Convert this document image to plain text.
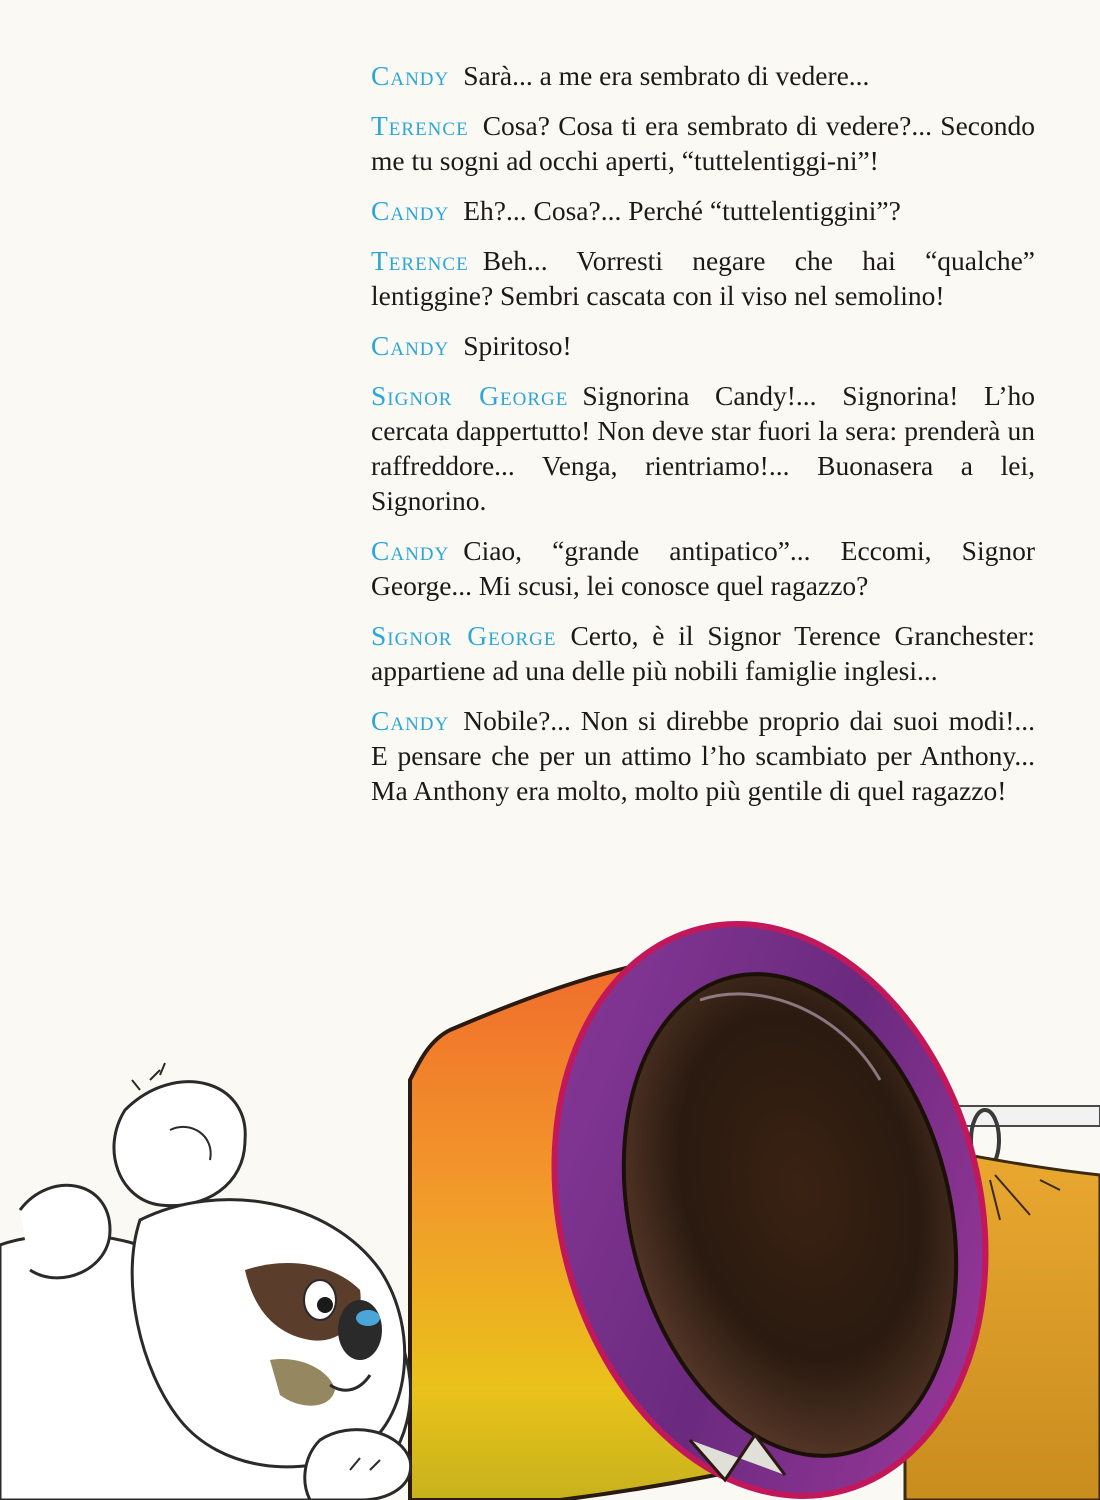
Candy Sarà... a me era sembrato di vedere...

Terence Cosa? Cosa ti era sembrato di vedere?... Secondo me tu sogni ad occhi aperti, “tuttelentiggi-ni”!

Candy Eh?... Cosa?... Perché “tuttelentiggini”?

Terence Beh... Vorresti negare che hai “qualche” lentiggine? Sembri cascata con il viso nel semolino!

Candy Spiritoso!

Signor George Signorina Candy!... Signorina! L’ho cercata dappertutto! Non deve star fuori la sera: prenderà un raffreddore... Venga, rientriamo!... Buonasera a lei, Signorino.

Candy Ciao, “grande antipatico”... Eccomi, Signor George... Mi scusi, lei conosce quel ragazzo?

Signor George Certo, è il Signor Terence Granchester: appartiene ad una delle più nobili famiglie inglesi...

Candy Nobile?... Non si direbbe proprio dai suoi modi!... E pensare che per un attimo l’ho scambiato per Anthony... Ma Anthony era molto, molto più gentile di quel ragazzo!
